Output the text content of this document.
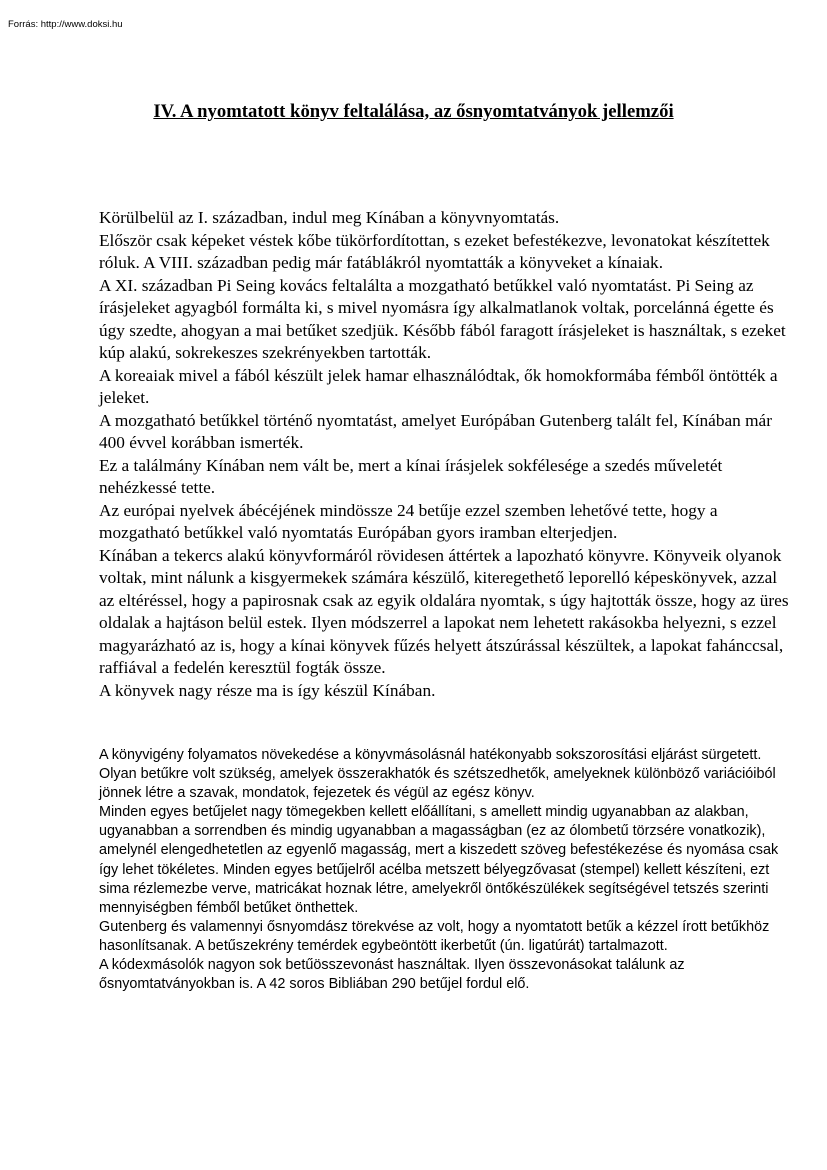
Forrás: http://www.doksi.hu
IV. A nyomtatott könyv feltalálása, az ősnyomtatványok jellemzői

Körülbelül az I. században, indul meg Kínában a könyvnyomtatás.

Először csak képeket véstek kőbe tükörfordítottan, s ezeket befestékezve, levonatokat készítettek róluk. A VIII. században pedig már fatáblákról nyomtatták a könyveket a kínaiak.

A XI. században Pi Seing kovács feltalálta a mozgatható betűkkel való nyomtatást. Pi Seing az írásjeleket agyagból formálta ki, s mivel nyomásra így alkalmatlanok voltak, porcelánná égette és úgy szedte, ahogyan a mai betűket szedjük. Később fából faragott írásjeleket is használtak, s ezeket kúp alakú, sokrekeszes szekrényekben tartották.

A koreaiak mivel a fából készült jelek hamar elhasználódtak, ők homokformába fémből öntötték a jeleket.

A mozgatható betűkkel történő nyomtatást, amelyet Európában Gutenberg talált fel, Kínában már 400 évvel korábban ismerték.

Ez a találmány Kínában nem vált be, mert a kínai írásjelek sokfélesége a szedés műveletét nehézkessé tette.

Az európai nyelvek ábécéjének mindössze 24 betűje ezzel szemben lehetővé tette, hogy a mozgatható betűkkel való nyomtatás Európában gyors iramban elterjedjen.

Kínában a tekercs alakú könyvformáról rövidesen áttértek a lapozható könyvre. Könyveik olyanok voltak, mint nálunk a kisgyermekek számára készülő, kiteregethető leporelló képeskönyvek, azzal az eltéréssel, hogy a papirosnak csak az egyik oldalára nyomtak, s úgy hajtották össze, hogy az üres oldalak a hajtáson belül estek. Ilyen módszerrel a lapokat nem lehetett rakásokba helyezni, s ezzel magyarázható az is, hogy a kínai könyvek fűzés helyett átszúrással készültek, a lapokat fahánccsal, raffiával a fedelén keresztül fogták össze.

A könyvek nagy része ma is így készül Kínában.

A könyvigény folyamatos növekedése a könyvmásolásnál hatékonyabb sokszorosítási eljárást sürgetett.

Olyan betűkre volt szükség, amelyek összerakhatók és szétszedhetők, amelyeknek különböző variációiból jönnek létre a szavak, mondatok, fejezetek és végül az egész könyv.

Minden egyes betűjelet nagy tömegekben kellett előállítani, s amellett mindig ugyanabban az alakban, ugyanabban a sorrendben és mindig ugyanabban a magasságban (ez az ólombetű törzsére vonatkozik), amelynél elengedhetetlen az egyenlő magasság, mert a kiszedett szöveg befestékezése és nyomása csak így lehet tökéletes. Minden egyes betűjelről acélba metszett bélyegzővasat (stempel) kellett készíteni, ezt sima rézlemezbe verve, matricákat hoznak létre, amelyekről öntőkészülékek segítségével tetszés szerinti mennyiségben fémből betűket önthettek.

Gutenberg és valamennyi ősnyomdász törekvése az volt, hogy a nyomtatott betűk a kézzel írott betűkhöz hasonlítsanak. A betűszekrény temérdek egybeöntött ikerbetűt (ún. ligatúrát) tartalmazott.

A kódexmásolók nagyon sok betűösszevonást használtak. Ilyen összevonásokat találunk az ősnyomtatványokban is. A 42 soros Bibliában 290 betűjel fordul elő.
